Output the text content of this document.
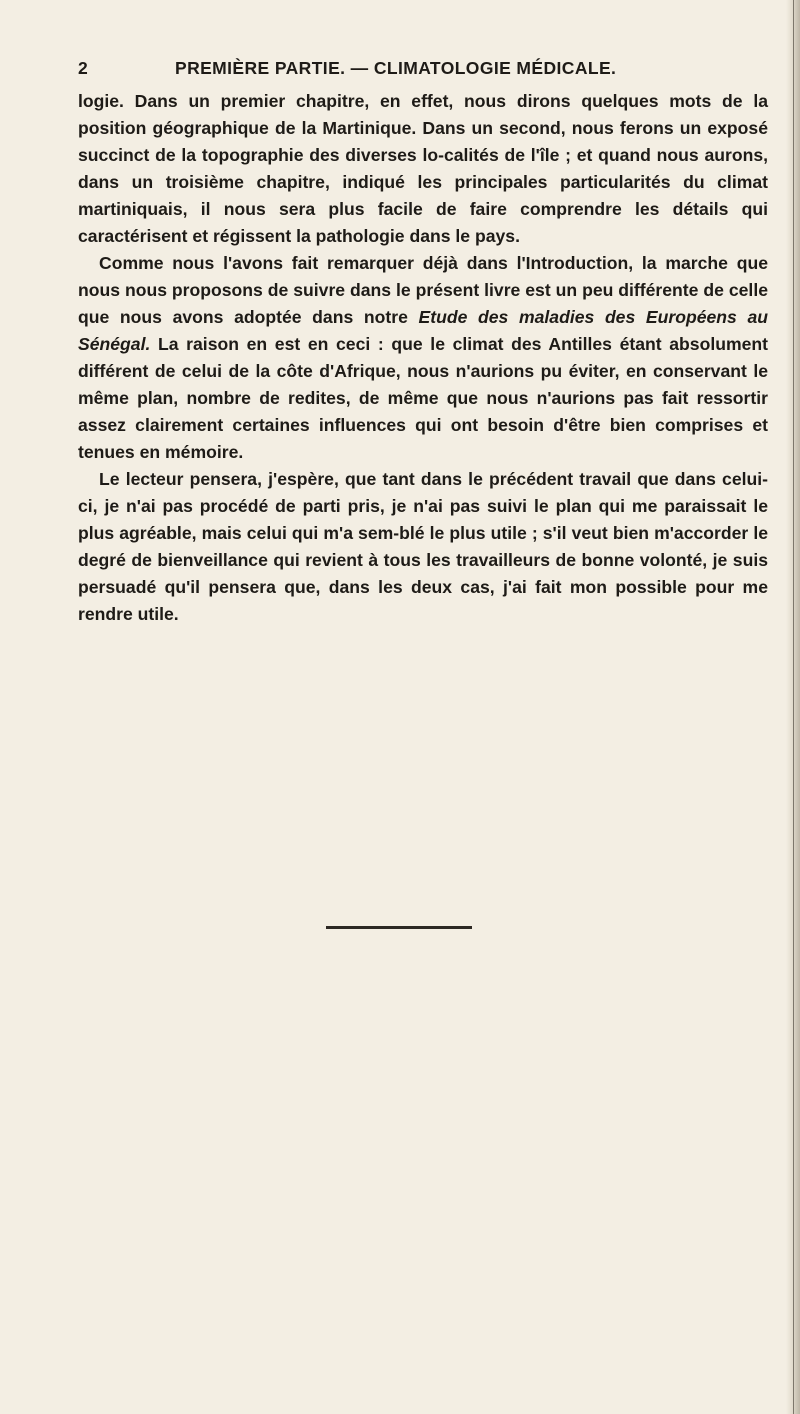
2	PREMIÈRE PARTIE. — CLIMATOLOGIE MÉDICALE.

logie. Dans un premier chapitre, en effet, nous dirons quelques mots de la position géographique de la Martinique. Dans un second, nous ferons un exposé succinct de la topographie des diverses lo-calités de l'île ; et quand nous aurons, dans un troisième chapitre, indiqué les principales particularités du climat martiniquais, il nous sera plus facile de faire comprendre les détails qui caractérisent et régissent la pathologie dans le pays.

Comme nous l'avons fait remarquer déjà dans l'Introduction, la marche que nous nous proposons de suivre dans le présent livre est un peu différente de celle que nous avons adoptée dans notre Etude des maladies des Européens au Sénégal. La raison en est en ceci : que le climat des Antilles étant absolument différent de celui de la côte d'Afrique, nous n'aurions pu éviter, en conservant le même plan, nombre de redites, de même que nous n'aurions pas fait ressortir assez clairement certaines influences qui ont besoin d'être bien comprises et tenues en mémoire.

Le lecteur pensera, j'espère, que tant dans le précédent travail que dans celui-ci, je n'ai pas procédé de parti pris, je n'ai pas suivi le plan qui me paraissait le plus agréable, mais celui qui m'a sem-blé le plus utile ; s'il veut bien m'accorder le degré de bienveillance qui revient à tous les travailleurs de bonne volonté, je suis persuadé qu'il pensera que, dans les deux cas, j'ai fait mon possible pour me rendre utile.
